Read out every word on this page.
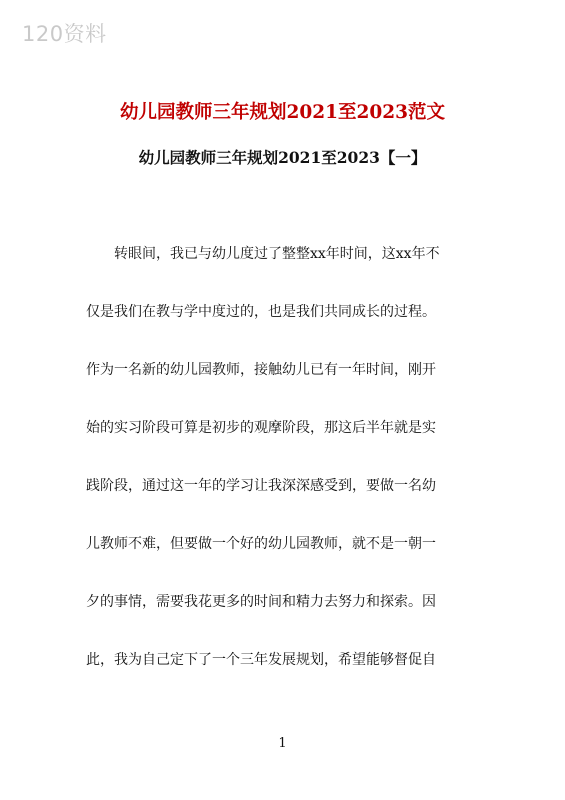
120资料
幼儿园教师三年规划2021至2023范文
幼儿园教师三年规划2021至2023【一】
转眼间，我已与幼儿度过了整整xx年时间，这xx年不
仅是我们在教与学中度过的，也是我们共同成长的过程。
作为一名新的幼儿园教师，接触幼儿已有一年时间，刚开
始的实习阶段可算是初步的观摩阶段，那这后半年就是实
践阶段，通过这一年的学习让我深深感受到，要做一名幼
儿教师不难，但要做一个好的幼儿园教师，就不是一朝一
夕的事情，需要我花更多的时间和精力去努力和探索。因
此，我为自己定下了一个三年发展规划，希望能够督促自
1
